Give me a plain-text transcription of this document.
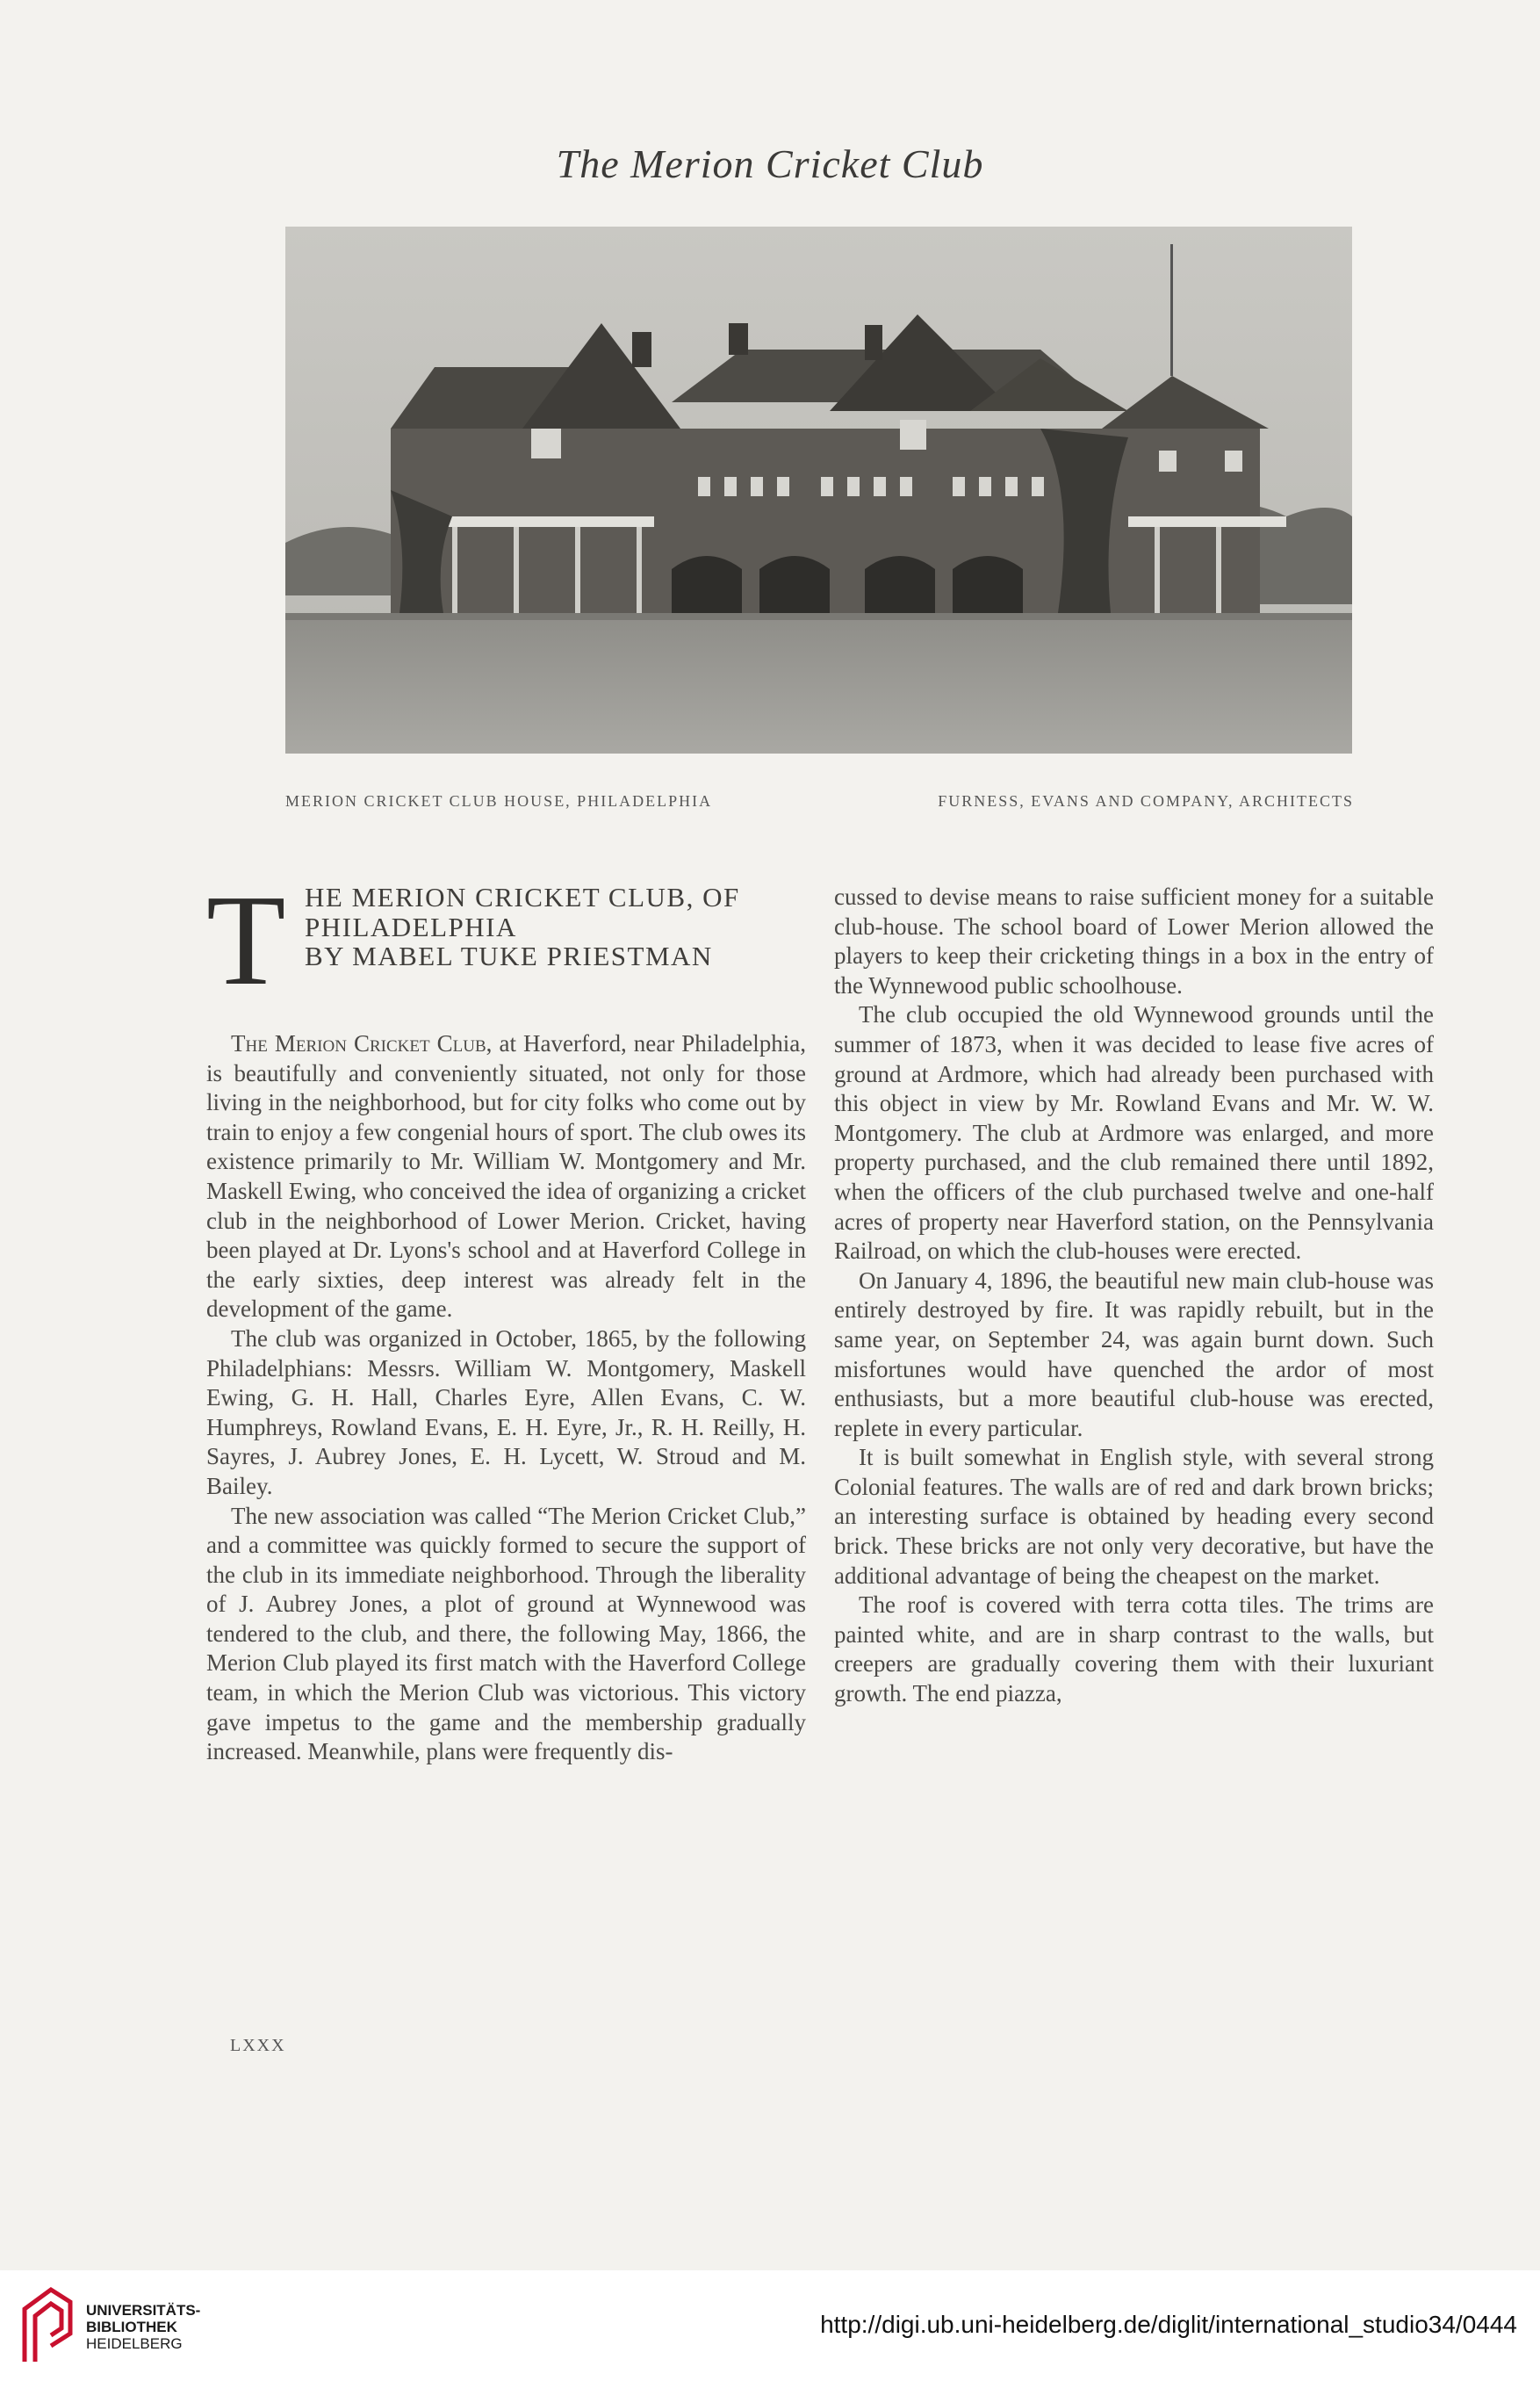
The Merion Cricket Club
MERION CRICKET CLUB HOUSE, PHILADELPHIA	FURNESS, EVANS AND COMPANY, ARCHITECTS
T HE MERION CRICKET CLUB, OF
PHILADELPHIA
BY MABEL TUKE PRIESTMAN

The Merion Cricket Club, at Haverford, near Philadelphia, is beautifully and conveniently situated, not only for those living in the neighborhood, but for city folks who come out by train to enjoy a few congenial hours of sport. The club owes its existence primarily to Mr. William W. Montgomery and Mr. Maskell Ewing, who conceived the idea of organizing a cricket club in the neighborhood of Lower Merion. Cricket, having been played at Dr. Lyons's school and at Haverford College in the early sixties, deep interest was already felt in the development of the game.

The club was organized in October, 1865, by the following Philadelphians: Messrs. William W. Montgomery, Maskell Ewing, G. H. Hall, Charles Eyre, Allen Evans, C. W. Humphreys, Rowland Evans, E. H. Eyre, Jr., R. H. Reilly, H. Sayres, J. Aubrey Jones, E. H. Lycett, W. Stroud and M. Bailey.

The new association was called “The Merion Cricket Club,” and a committee was quickly formed to secure the support of the club in its immediate neighborhood. Through the liberality of J. Aubrey Jones, a plot of ground at Wynnewood was tendered to the club, and there, the following May, 1866, the Merion Club played its first match with the Haverford College team, in which the Merion Club was victorious. This victory gave impetus to the game and the membership gradually increased. Meanwhile, plans were frequently dis-

cussed to devise means to raise sufficient money for a suitable club-house. The school board of Lower Merion allowed the players to keep their cricketing things in a box in the entry of the Wynnewood public schoolhouse.

The club occupied the old Wynnewood grounds until the summer of 1873, when it was decided to lease five acres of ground at Ardmore, which had already been purchased with this object in view by Mr. Rowland Evans and Mr. W. W. Montgomery. The club at Ardmore was enlarged, and more property purchased, and the club remained there until 1892, when the officers of the club purchased twelve and one-half acres of property near Haverford station, on the Pennsylvania Railroad, on which the club-houses were erected.

On January 4, 1896, the beautiful new main club-house was entirely destroyed by fire. It was rapidly rebuilt, but in the same year, on September 24, was again burnt down. Such misfortunes would have quenched the ardor of most enthusiasts, but a more beautiful club-house was erected, replete in every particular.

It is built somewhat in English style, with several strong Colonial features. The walls are of red and dark brown bricks; an interesting surface is obtained by heading every second brick. These bricks are not only very decorative, but have the additional advantage of being the cheapest on the market.

The roof is covered with terra cotta tiles. The trims are painted white, and are in sharp contrast to the walls, but creepers are gradually covering them with their luxuriant growth. The end piazza,

LXXX
UNIVERSITÄTS-
BIBLIOTHEK
HEIDELBERG
http://digi.ub.uni-heidelberg.de/diglit/international_studio34/0444
